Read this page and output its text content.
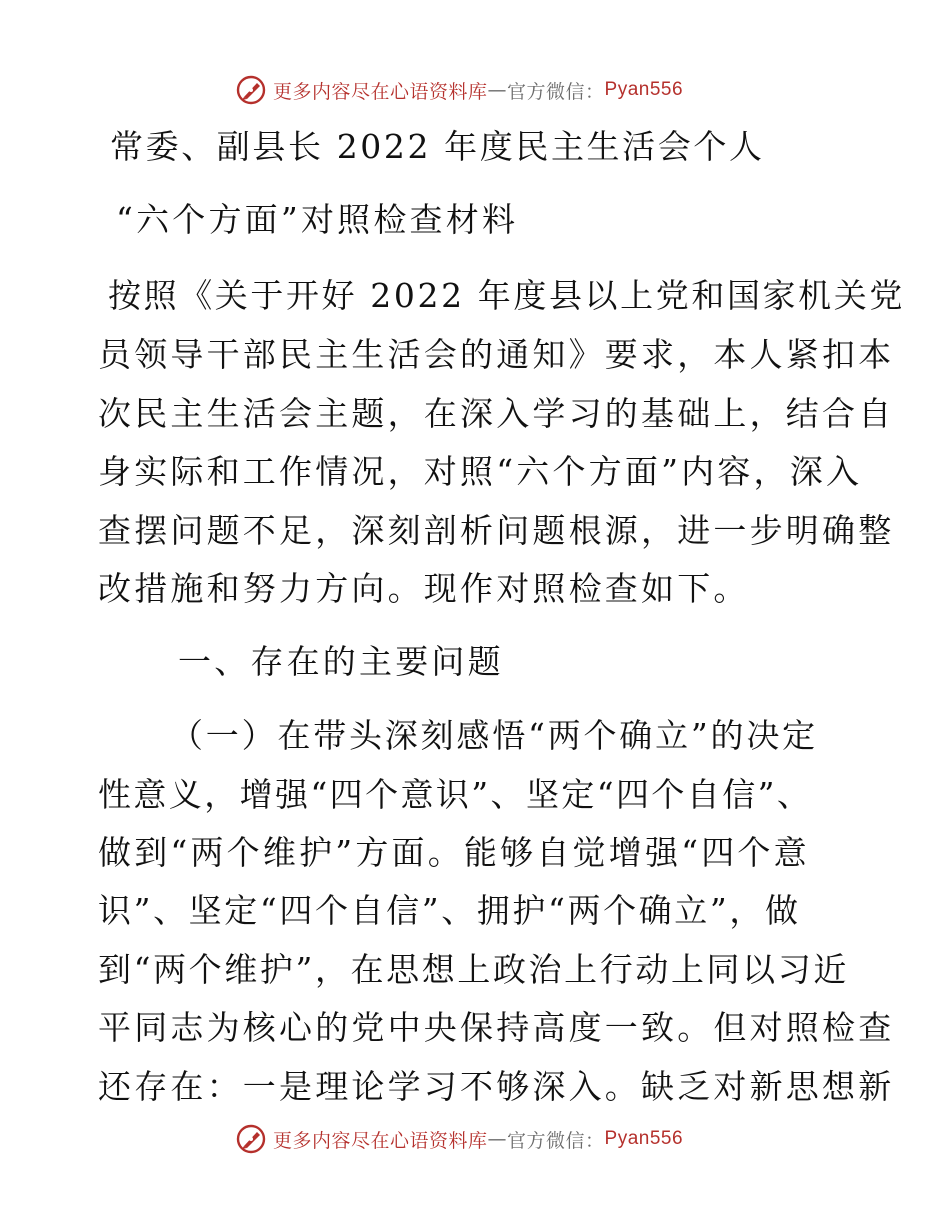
更多内容尽在心语资料库 — 官方微信： Pyan556
常委、副县长 2022 年度民主生活会个人
“六个方面”对照检查材料
按照《关于开好 2022 年度县以上党和国家机关党
员领导干部民主生活会的通知》要求，本人紧扣本
次民主生活会主题，在深入学习的基础上，结合自
身实际和工作情况，对照“六个方面”内容，深入
查摆问题不足，深刻剖析问题根源，进一步明确整
改措施和努力方向。现作对照检查如下。
一、存在的主要问题
（一）在带头深刻感悟“两个确立”的决定
性意义，增强“四个意识”、坚定“四个自信”、
做到“两个维护”方面。能够自觉增强“四个意
识”、坚定“四个自信”、拥护“两个确立”，做
到“两个维护”，在思想上政治上行动上同以习近
平同志为核心的党中央保持高度一致。但对照检查
还存在：一是理论学习不够深入。缺乏对新思想新
更多内容尽在心语资料库 — 官方微信： Pyan556
